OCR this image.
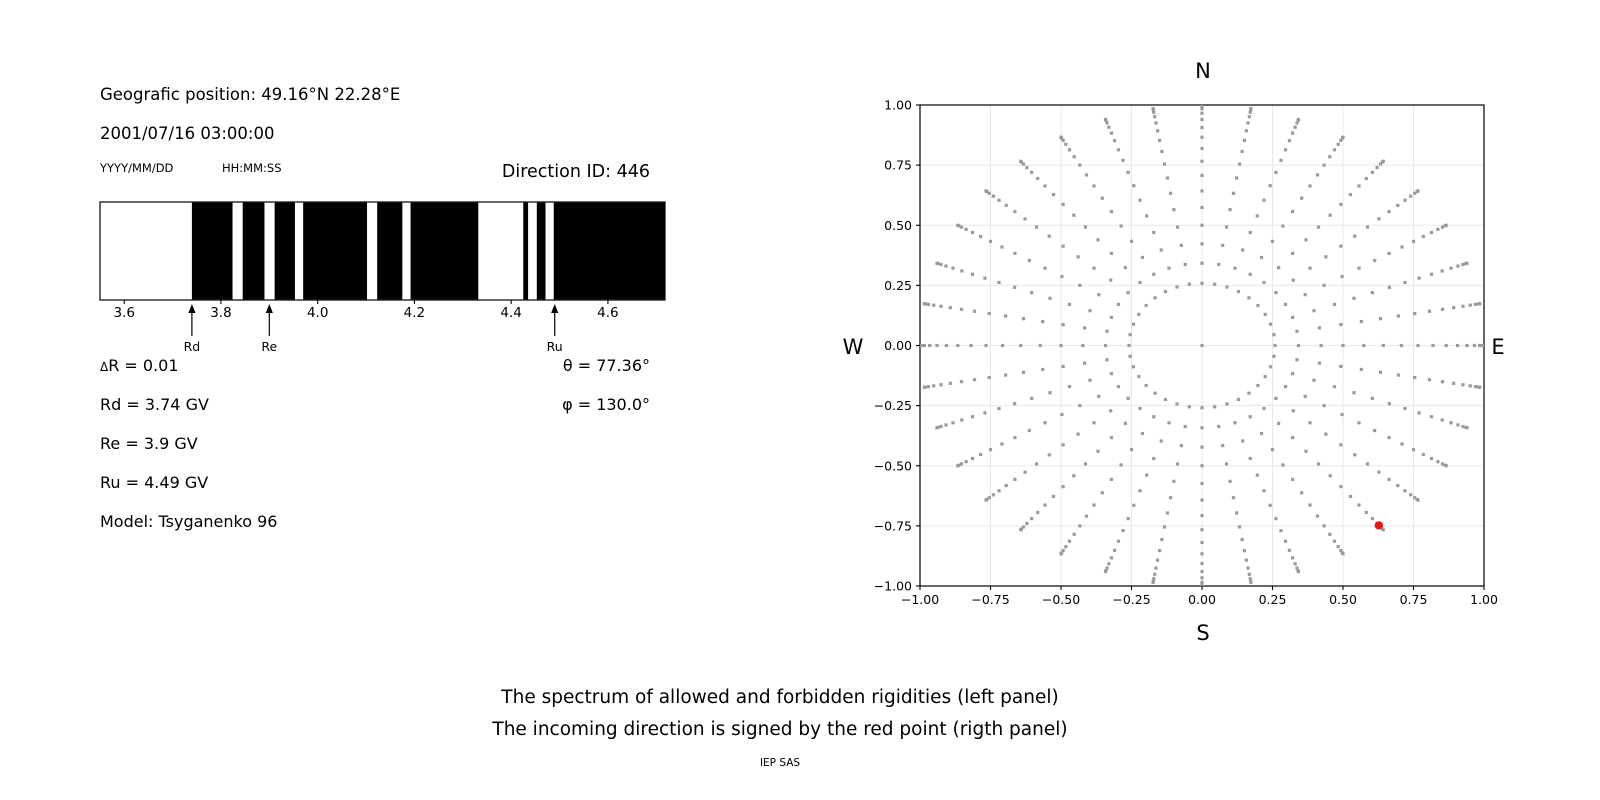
Geografic position: 49.16°N 22.28°E
2001/07/16 03:00:00
YYYY/MM/DD	HH:MM:SS	Direction ID: 446
ΔR = 0.01
Rd = 3.74 GV
Re = 3.9 GV
Ru = 4.49 GV
Model: Tsyganenko 96
θ = 77.36°
φ = 130.0°
3.6	3.8	4.0	4.2	4.4	4.6
Rd	Re	Ru
−1.00
−1.00
−0.75
−0.75
−0.50
−0.50
−0.25
−0.25
0.00
0.00
0.25
0.25
0.50
0.50
0.75
0.75
1.00
1.00
N
S
W	E
The spectrum of allowed and forbidden rigidities (left panel)
The incoming direction is signed by the red point (rigth panel)
IEP SAS
